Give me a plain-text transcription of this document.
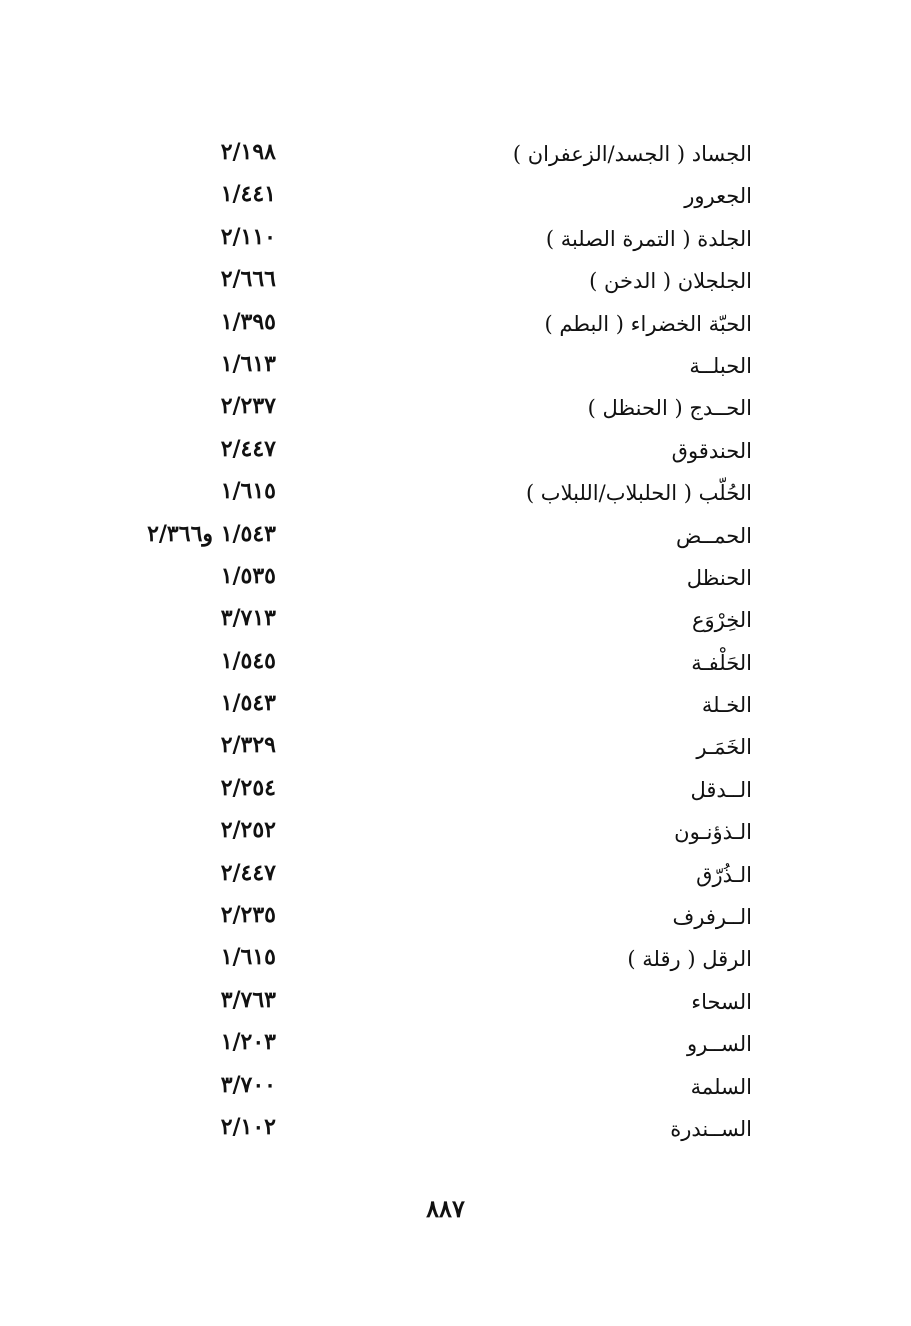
الجساد ( الجسد/الزعفران )
٢/١٩٨
الجعرور
١/٤٤١
الجلدة ( التمرة الصلبة )
٢/١١٠
الجلجلان ( الدخن )
٢/٦٦٦
الحبّة الخضراء ( البطم )
١/٣٩٥
الحبلــة
١/٦١٣
الحــدج ( الحنظل )
٢/٢٣٧
الحندقوق
٢/٤٤٧
الحُلّب ( الحلبلاب/اللبلاب )
١/٦١٥
الحمــض
١/٥٤٣ و٢/٣٦٦
الحنظل
١/٥٣٥
الخِرْوَع
٣/٧١٣
الحَلْفـة
١/٥٤٥
الخـلة
١/٥٤٣
الخَمَـر
٢/٣٢٩
الــدقل
٢/٢٥٤
الـذؤنـون
٢/٢٥٢
الـذُرّق
٢/٤٤٧
الــرفرف
٢/٢٣٥
الرقل ( رقلة )
١/٦١٥
السحاء
٣/٧٦٣
الســرو
١/٢٠٣
السلمة
٣/٧٠٠
الســندرة
٢/١٠٢
٨٨٧
